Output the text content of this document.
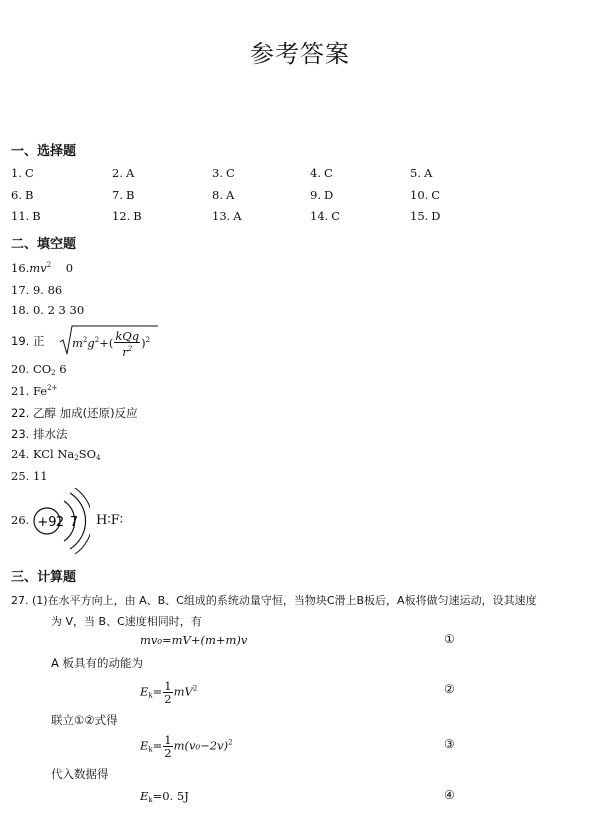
参考答案
一、选择题
1. C	2. A	3. C	4. C	5. A
6. B	7. B	8. A	9. D	10. C
11. B	12. B	13. A	14. C	15. D
二、填空题
$16.mv^2$ 0
17. 9. 86
18. 0. 2 3 30
19. 正 $m^2g^2+( \frac{\text{kQq}}{r^2} )^2$
20. $CO_2$ 6
21. $Fe^{2+}$
22. 乙醇 加成(还原)反应
23. 排水法
24. KCl $Na_2SO_4$
25. 11
26. +9 2 7 H∶F∶
三、计算题
27. (1)在水平方向上，由 A、B、C组成的系统动量守恒，当物块C滑上B板后，A板将做匀速运动，设其速度
为 V，当 B、C速度相同时，有
mv₀=mV+(m+m)v	①
A 板具有的动能为
$E_k= \frac{1}{2} mV^2$	②
联立①②式得
$E_k= \frac{1}{2} m(v_0-2v)^2$	③
代入数据得
$E_k=0$. 5J	④
